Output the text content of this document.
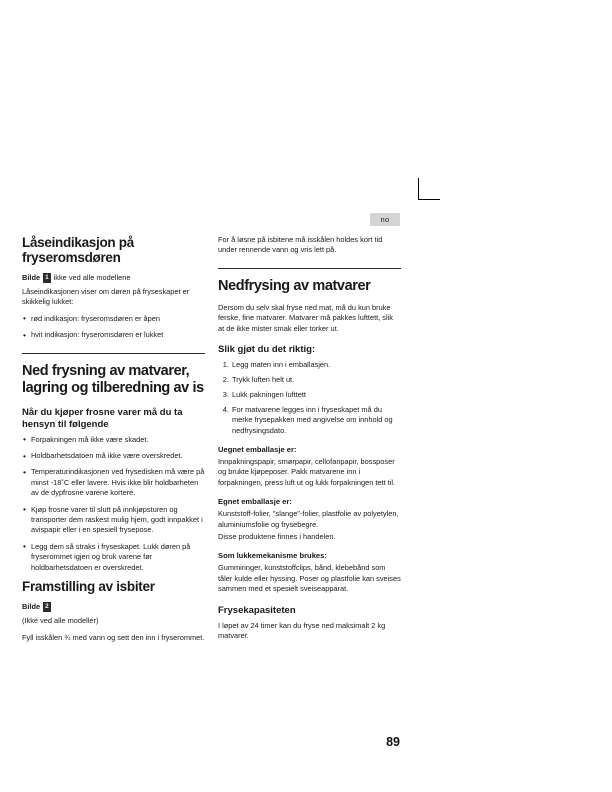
no
Låseindikasjon på fryseromsdøren
Bilde 1 ikke ved alle modellene

Låseindikasjonen viser om døren på fryseskapet er skikkelig lukket:

• rød indikasjon: fryseromsdøren er åpen
• hvit indikasjon: fryseromsdøren er lukket
Ned frysning av matvarer, lagring og tilberedning av is
Når du kjøper frosne varer må du ta hensyn til følgende
• Forpakningen må ikke være skadet.
• Holdbarhetsdatoen må ikke være overskredet.
• Temperaturindikasjonen ved frysedisken må være på minst -18˚C eller lavere. Hvis ikke blir holdbarheten av de dypfrosne varene kortere.
• Kjøp frosne varer til slutt på innkjøpsturen og transporter dem raskest mulig hjem, godt innpakket i avispapir eller i en spesiell frysepose.
• Legg dem så straks i fryseskapet. Lukk døren på fryserommet igjen og bruk varene før holdbarhetsdatoen er overskredet.
Framstilling av isbiter
Bilde 2

(Ikke ved alle modeller)

Fyll isskålen ¾ med vann og sett den inn i fryserommet.

For å løsne på isbitene må isskålen holdes kort tid under rennende vann og vris lett på.

Nedfrysing av matvarer

Dersom du selv skal fryse ned mat, må du kun bruke ferske, fine matvarer. Matvarer må pakkes lufttett, slik at de ikke mister smak eller torker ut.

Slik gjøt du det riktig:
1. Legg maten inn i emballasjen.
2. Trykk luften helt ut.
3. Lukk pakningen lufttett
4. For matvarene legges inn i fryseskapet må du merke frysepakken med angivelse om innhold og nedfrysingsdato.
Uegnet emballasje er:

Innpakningspapir, smørpapir, cellofanpapir, bossposer og brukte kjøpeposer. Pakk matvarene inn i forpakningen, press luft ut og lukk forpakningen tett til.

Egnet emballasje er:

Kunststoff-folier, "slange"-folier, plastfolie av polyetylen, aluminiumsfolie og frysebegre.

Disse produktene finnes i handelen.

Som lukkemekanisme brukes:

Gummiringer, kunststoffclips, bånd, klebebånd som tåler kulde eller hyssing. Poser og plastfolie kan sveises sammen med et spesielt sveiseapparat.

Frysekapasiteten

I løpet av 24 timer kan du fryse ned maksimalt 2 kg matvarer.

89
